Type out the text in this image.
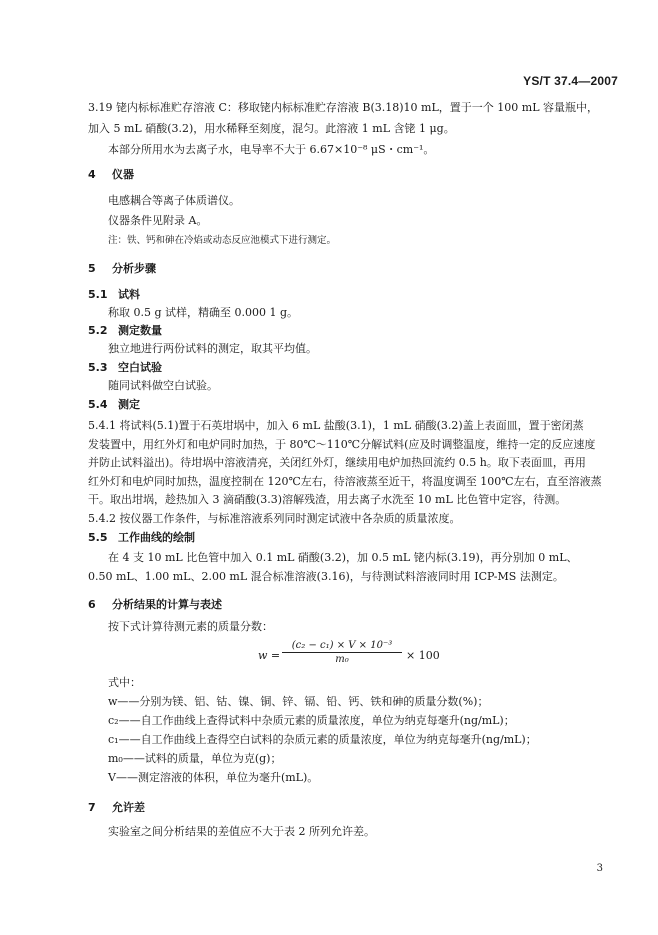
YS/T 37.4—2007
3.19 铑内标标准贮存溶液 C：移取铑内标标准贮存溶液 B(3.18)10 mL，置于一个 100 mL 容量瓶中，
加入 5 mL 硝酸(3.2)，用水稀释至刻度，混匀。此溶液 1 mL 含铑 1 μg。
本部分所用水为去离子水，电导率不大于 6.67×10⁻⁸ μS・cm⁻¹。
4 仪器
电感耦合等离子体质谱仪。
仪器条件见附录 A。
注：铁、钙和砷在冷焰或动态反应池模式下进行测定。
5 分析步骤
5.1 试料
称取 0.5 g 试样，精确至 0.000 1 g。
5.2 测定数量
独立地进行两份试料的测定，取其平均值。
5.3 空白试验
随同试料做空白试验。
5.4 测定
5.4.1 将试料(5.1)置于石英坩埚中，加入 6 mL 盐酸(3.1)，1 mL 硝酸(3.2)盖上表面皿，置于密闭蒸
发装置中，用红外灯和电炉同时加热，于 80℃～110℃分解试料(应及时调整温度，维持一定的反应速度
并防止试料溢出)。待坩埚中溶液清亮，关闭红外灯，继续用电炉加热回流约 0.5 h。取下表面皿，再用
红外灯和电炉同时加热，温度控制在 120℃左右，待溶液蒸至近干，将温度调至 100℃左右，直至溶液蒸
干。取出坩埚，趁热加入 3 滴硝酸(3.3)溶解残渣，用去离子水洗至 10 mL 比色管中定容，待测。
5.4.2 按仪器工作条件，与标准溶液系列同时测定试液中各杂质的质量浓度。
5.5 工作曲线的绘制
在 4 支 10 mL 比色管中加入 0.1 mL 硝酸(3.2)，加 0.5 mL 铑内标(3.19)，再分别加 0 mL、
0.50 mL、1.00 mL、2.00 mL 混合标准溶液(3.16)，与待测试料溶液同时用 ICP-MS 法测定。
6 分析结果的计算与表述
按下式计算待测元素的质量分数：
w =
(c₂ − c₁) × V × 10⁻³
m₀	× 100
式中：
w——分别为镁、铝、钴、镍、铜、锌、镉、铅、钙、铁和砷的质量分数(%)；
c₂——自工作曲线上查得试料中杂质元素的质量浓度，单位为纳克每毫升(ng/mL)；
c₁——自工作曲线上查得空白试料的杂质元素的质量浓度，单位为纳克每毫升(ng/mL)；
m₀——试料的质量，单位为克(g)；
V——测定溶液的体积，单位为毫升(mL)。
7 允许差
实验室之间分析结果的差值应不大于表 2 所列允许差。
3
